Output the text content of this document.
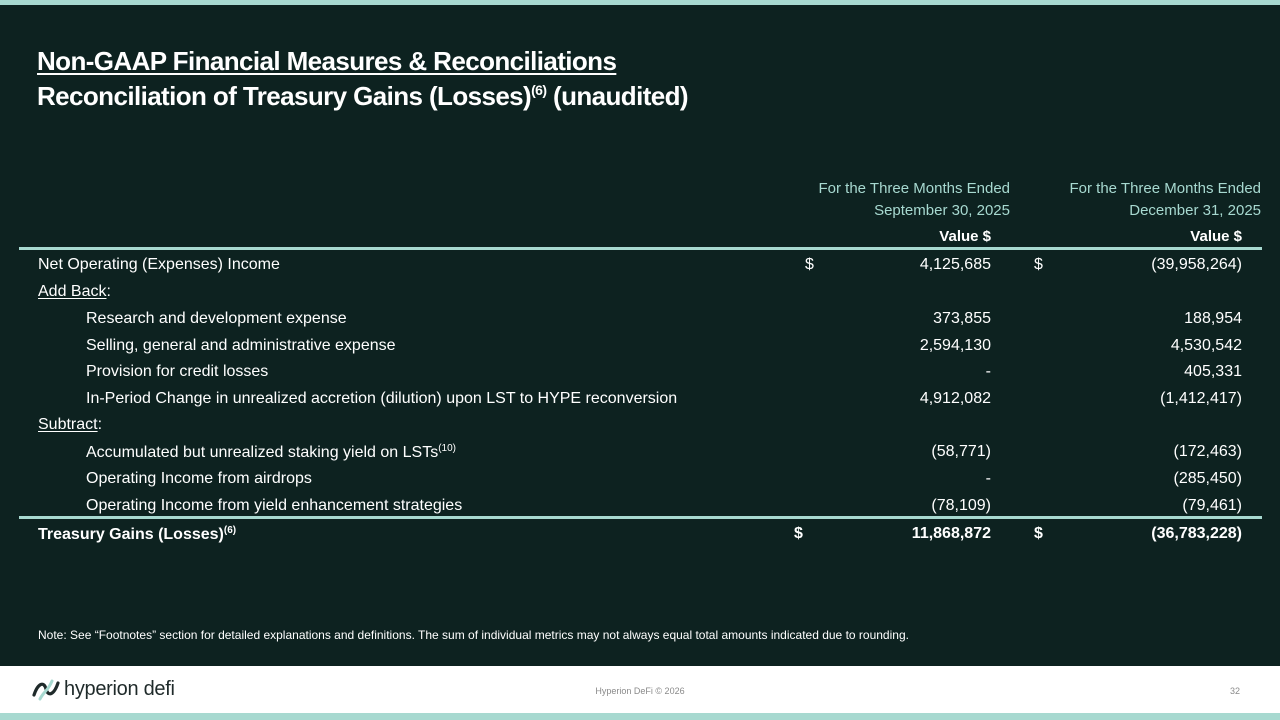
Non-GAAP Financial Measures & Reconciliations
Reconciliation of Treasury Gains (Losses)$^{(6)}$ (unaudited)
For the Three Months Ended
September 30, 2025
For the Three Months Ended
December 31, 2025
Value $	Value $
Net Operating (Expenses) Income	$	4,125,685	$	(39,958,264)
Add Back:
Research and development expense	373,855	188,954
Selling, general and administrative expense	2,594,130	4,530,542
Provision for credit losses	-	405,331
In-Period Change in unrealized accretion (dilution) upon LST to HYPE reconversion	4,912,082	(1,412,417)
Subtract:
Accumulated but unrealized staking yield on LSTs$^{(10)}$	(58,771)	(172,463)
Operating Income from airdrops	-	(285,450)
Operating Income from yield enhancement strategies	(78,109)	(79,461)
Treasury Gains (Losses)$^{(6)}$	$	11,868,872	$	(36,783,228)
Note: See “Footnotes” section for detailed explanations and definitions. The sum of individual metrics may not always equal total amounts indicated due to rounding.
hyperion defi	Hyperion DeFi © 2026	32
